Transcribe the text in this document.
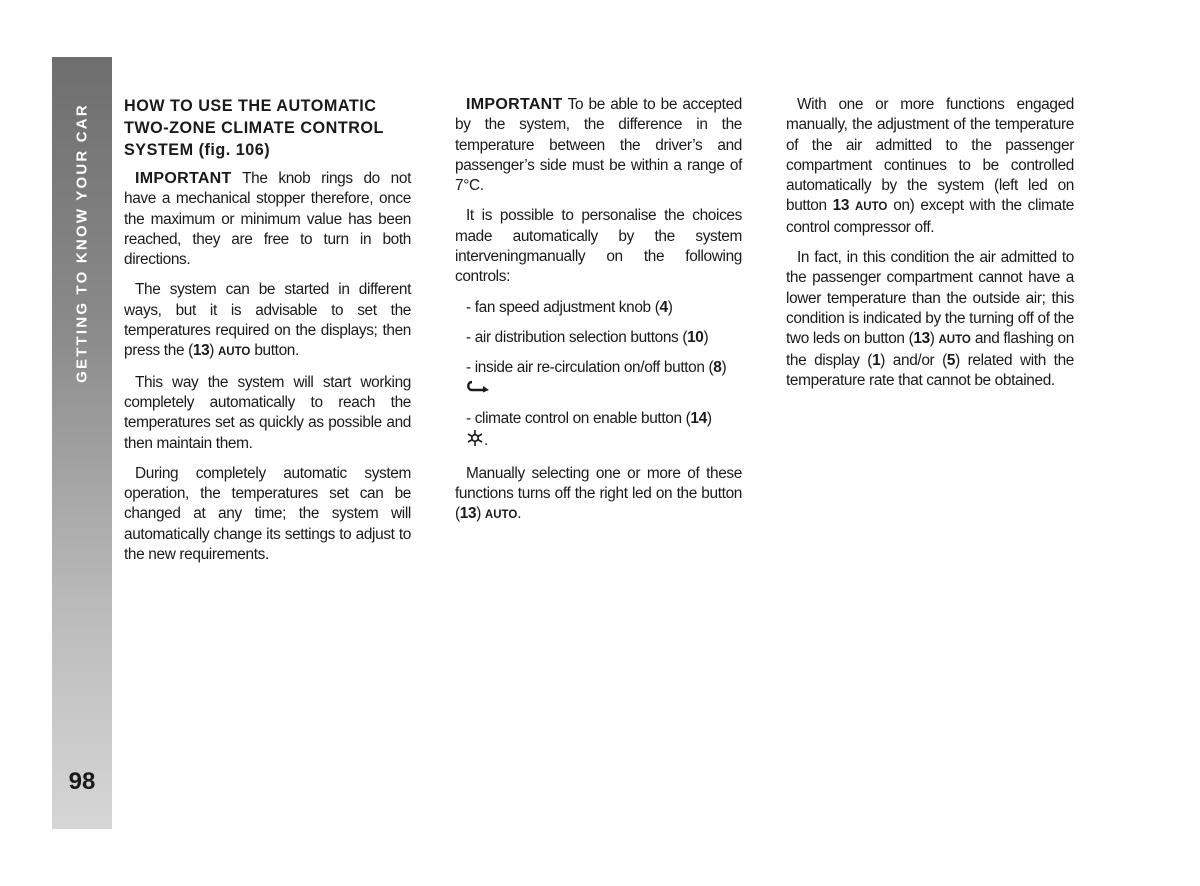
GETTING TO KNOW YOUR CAR
98
HOW TO USE THE AUTOMATIC
TWO-ZONE CLIMATE CONTROL
SYSTEM (fig. 106)

IMPORTANT The knob rings do not have a mechanical stopper therefore, once the maximum or minimum value has been reached, they are free to turn in both directions.

The system can be started in different ways, but it is advisable to set the temperatures required on the displays; then press the (13) AUTO button.

This way the system will start working completely automatically to reach the temperatures set as quickly as possible and then maintain them.

During completely automatic system operation, the temperatures set can be changed at any time; the system will automatically change its settings to adjust to the new requirements.

IMPORTANT To be able to be accepted by the system, the difference in the temperature between the driver’s and passenger’s side must be within a range of 7°C.

It is possible to personalise the choices made automatically by the system interveningmanually on the following controls:

- fan speed adjustment knob (4)

- air distribution selection buttons (10)

- inside air re-circulation on/off button (8)

- climate control on enable button (14)
.

Manually selecting one or more of these functions turns off the right led on the button (13) AUTO.

With one or more functions engaged manually, the adjustment of the temperature of the air admitted to the passenger compartment continues to be controlled automatically by the system (left led on button 13 AUTO on) except with the climate control compressor off.

In fact, in this condition the air admitted to the passenger compartment cannot have a lower temperature than the outside air; this condition is indicated by the turning off of the two leds on button (13) AUTO and flashing on the display (1) and/or (5) related with the temperature rate that cannot be obtained.
